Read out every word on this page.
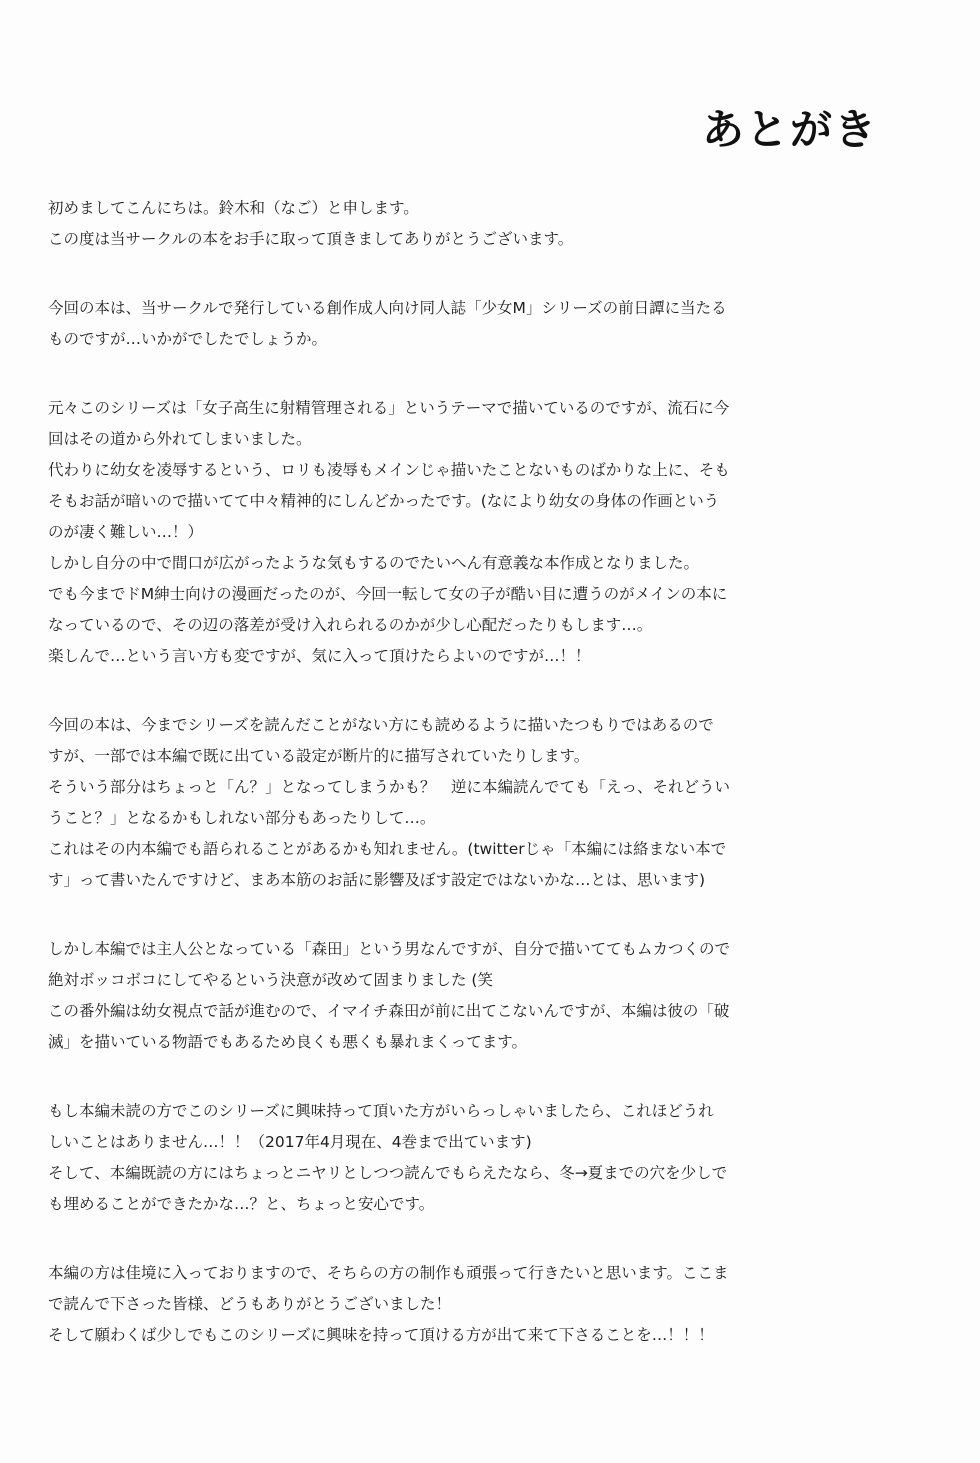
あとがき
初めましてこんにちは。鈴木和（なご）と申します。
この度は当サークルの本をお手に取って頂きましてありがとうございます。
今回の本は、当サークルで発行している創作成人向け同人誌「少女M」シリーズの前日譚に当たる
ものですが…いかがでしたでしょうか。
元々このシリーズは「女子高生に射精管理される」というテーマで描いているのですが、流石に今
回はその道から外れてしまいました。
代わりに幼女を凌辱するという、ロリも凌辱もメインじゃ描いたことないものばかりな上に、そも
そもお話が暗いので描いてて中々精神的にしんどかったです。(なにより幼女の身体の作画という
のが凄く難しい…！）
しかし自分の中で間口が広がったような気もするのでたいへん有意義な本作成となりました。
でも今までドM紳士向けの漫画だったのが、今回一転して女の子が酷い目に遭うのがメインの本に
なっているので、その辺の落差が受け入れられるのかが少し心配だったりもします…。
楽しんで…という言い方も変ですが、気に入って頂けたらよいのですが…！！
今回の本は、今までシリーズを読んだことがない方にも読めるように描いたつもりではあるので
すが、一部では本編で既に出ている設定が断片的に描写されていたりします。
そういう部分はちょっと「ん？」となってしまうかも？　逆に本編読んでても「えっ、それどうい
うこと？」となるかもしれない部分もあったりして…。
これはその内本編でも語られることがあるかも知れません。(twitterじゃ「本編には絡まない本で
す」って書いたんですけど、まあ本筋のお話に影響及ぼす設定ではないかな…とは、思います)
しかし本編では主人公となっている「森田」という男なんですが、自分で描いててもムカつくので
絶対ボッコボコにしてやるという決意が改めて固まりました (笑
この番外編は幼女視点で話が進むので、イマイチ森田が前に出てこないんですが、本編は彼の「破
滅」を描いている物語でもあるため良くも悪くも暴れまくってます。
もし本編未読の方でこのシリーズに興味持って頂いた方がいらっしゃいましたら、これほどうれ
しいことはありません…！！（2017年4月現在、4巻まで出ています)
そして、本編既読の方にはちょっとニヤリとしつつ読んでもらえたなら、冬→夏までの穴を少しで
も埋めることができたかな…？と、ちょっと安心です。
本編の方は佳境に入っておりますので、そちらの方の制作も頑張って行きたいと思います。ここま
で読んで下さった皆様、どうもありがとうございました！
そして願わくば少しでもこのシリーズに興味を持って頂ける方が出て来て下さることを…！！！
